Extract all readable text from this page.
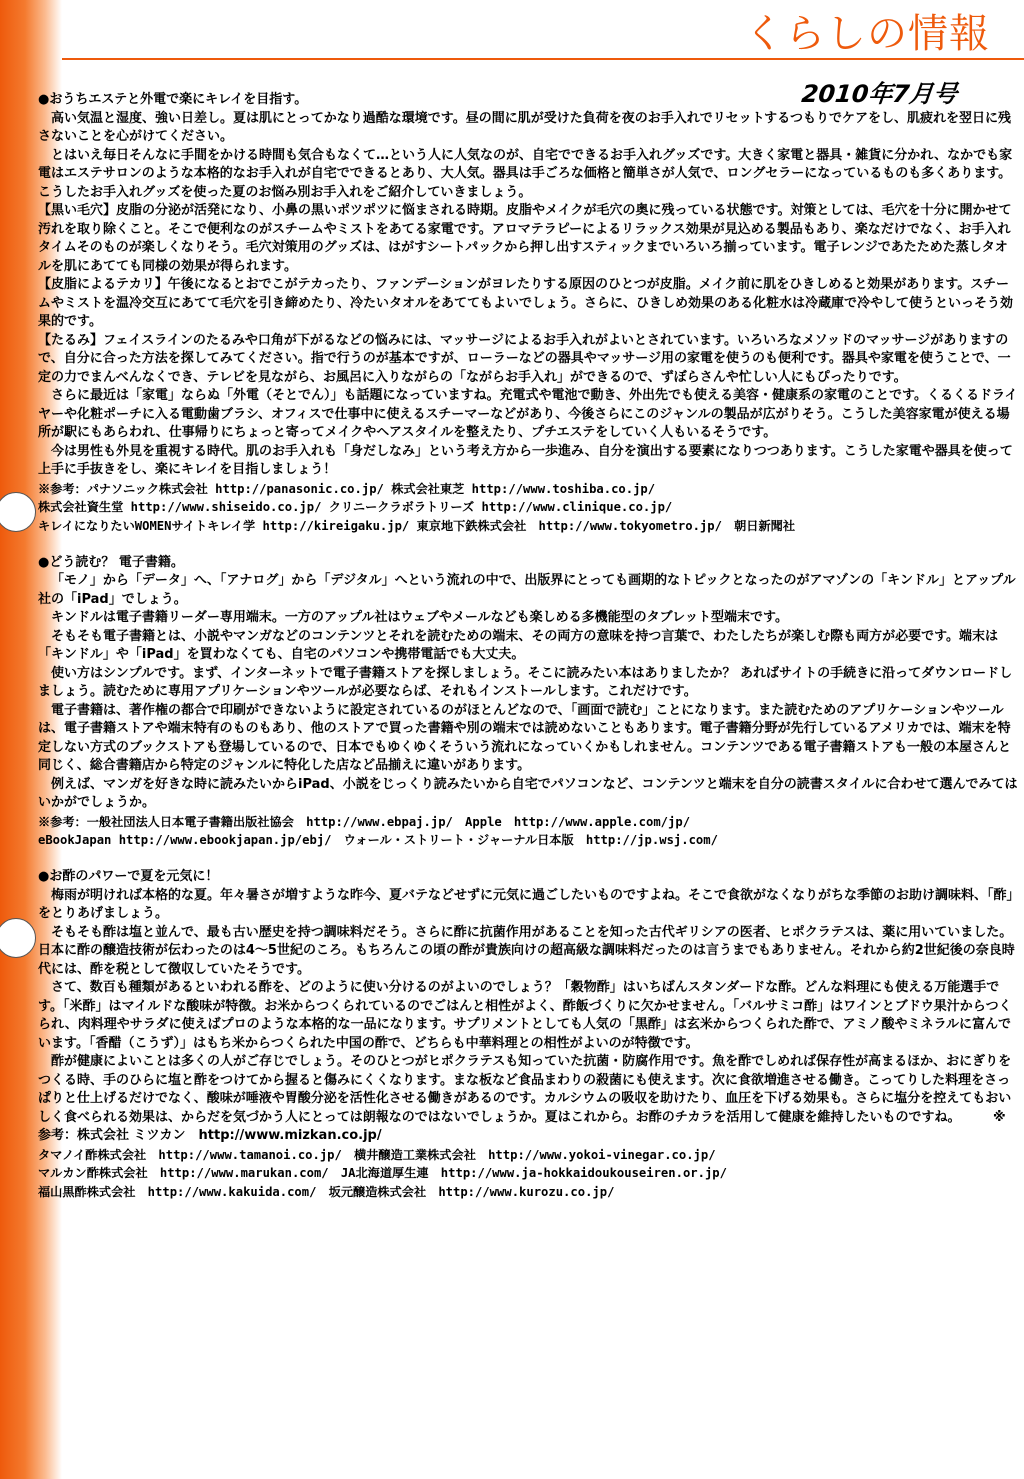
くらしの情報
2010年7月号

●おうちエステと外電で楽にキレイを目指す。

高い気温と湿度、強い日差し。夏は肌にとってかなり過酷な環境です。昼の間に肌が受けた負荷を夜のお手入れでリセットするつもりでケアをし、肌疲れを翌日に残さないことを心がけてください。

とはいえ毎日そんなに手間をかける時間も気合もなくて…という人に人気なのが、自宅でできるお手入れグッズです。大きく家電と器具・雑貨に分かれ、なかでも家電はエステサロンのような本格的なお手入れが自宅でできるとあり、大人気。器具は手ごろな価格と簡単さが人気で、ロングセラーになっているものも多くあります。こうしたお手入れグッズを使った夏のお悩み別お手入れをご紹介していきましょう。

【黒い毛穴】皮脂の分泌が活発になり、小鼻の黒いポツポツに悩まされる時期。皮脂やメイクが毛穴の奥に残っている状態です。対策としては、毛穴を十分に開かせて汚れを取り除くこと。そこで便利なのがスチームやミストをあてる家電です。アロマテラピーによるリラックス効果が見込める製品もあり、楽なだけでなく、お手入れタイムそのものが楽しくなりそう。毛穴対策用のグッズは、はがすシートパックから押し出すスティックまでいろいろ揃っています。電子レンジであたためた蒸しタオルを肌にあてても同様の効果が得られます。

【皮脂によるテカリ】午後になるとおでこがテカったり、ファンデーションがヨレたりする原因のひとつが皮脂。メイク前に肌をひきしめると効果があります。スチームやミストを温冷交互にあてて毛穴を引き締めたり、冷たいタオルをあててもよいでしょう。さらに、ひきしめ効果のある化粧水は冷蔵庫で冷やして使うといっそう効果的です。

【たるみ】フェイスラインのたるみや口角が下がるなどの悩みには、マッサージによるお手入れがよいとされています。いろいろなメソッドのマッサージがありますので、自分に合った方法を探してみてください。指で行うのが基本ですが、ローラーなどの器具やマッサージ用の家電を使うのも便利です。器具や家電を使うことで、一定の力でまんべんなくでき、テレビを見ながら、お風呂に入りながらの「ながらお手入れ」ができるので、ずぼらさんや忙しい人にもぴったりです。

さらに最近は「家電」ならぬ「外電（そとでん）」も話題になっていますね。充電式や電池で動き、外出先でも使える美容・健康系の家電のことです。くるくるドライヤーや化粧ポーチに入る電動歯ブラシ、オフィスで仕事中に使えるスチーマーなどがあり、今後さらにこのジャンルの製品が広がりそう。こうした美容家電が使える場所が駅にもあらわれ、仕事帰りにちょっと寄ってメイクやヘアスタイルを整えたり、プチエステをしていく人もいるそうです。

今は男性も外見を重視する時代。肌のお手入れも「身だしなみ」という考え方から一歩進み、自分を演出する要素になりつつあります。こうした家電や器具を使って上手に手抜きをし、楽にキレイを目指しましょう！

※参考：パナソニック株式会社 http://panasonic.co.jp/ 株式会社東芝 http://www.toshiba.co.jp/

株式会社資生堂 http://www.shiseido.co.jp/ クリニークラボラトリーズ http://www.clinique.co.jp/

キレイになりたいWOMENサイトキレイ学 http://kireigaku.jp/ 東京地下鉄株式会社　http://www.tokyometro.jp/　朝日新聞社

●どう読む？ 電子書籍。

「モノ」から「データ」へ、「アナログ」から「デジタル」へという流れの中で、出版界にとっても画期的なトピックとなったのがアマゾンの「キンドル」とアップル社の「iPad」でしょう。

キンドルは電子書籍リーダー専用端末。一方のアップル社はウェブやメールなども楽しめる多機能型のタブレット型端末です。

そもそも電子書籍とは、小説やマンガなどのコンテンツとそれを読むための端末、その両方の意味を持つ言葉で、わたしたちが楽しむ際も両方が必要です。端末は「キンドル」や「iPad」を買わなくても、自宅のパソコンや携帯電話でも大丈夫。

使い方はシンプルです。まず、インターネットで電子書籍ストアを探しましょう。そこに読みたい本はありましたか？ あればサイトの手続きに沿ってダウンロードしましょう。読むために専用アプリケーションやツールが必要ならば、それもインストールします。これだけです。

電子書籍は、著作権の都合で印刷ができないように設定されているのがほとんどなので、「画面で読む」ことになります。また読むためのアプリケーションやツールは、電子書籍ストアや端末特有のものもあり、他のストアで買った書籍や別の端末では読めないこともあります。電子書籍分野が先行しているアメリカでは、端末を特定しない方式のブックストアも登場しているので、日本でもゆくゆくそういう流れになっていくかもしれません。コンテンツである電子書籍ストアも一般の本屋さんと同じく、総合書籍店から特定のジャンルに特化した店など品揃えに違いがあります。

例えば、マンガを好きな時に読みたいからiPad、小説をじっくり読みたいから自宅でパソコンなど、コンテンツと端末を自分の読書スタイルに合わせて選んでみてはいかがでしょうか。

※参考：一般社団法人日本電子書籍出版社協会　http://www.ebpaj.jp/　Apple　http://www.apple.com/jp/

eBookJapan http://www.ebookjapan.jp/ebj/　ウォール・ストリート・ジャーナル日本版　http://jp.wsj.com/

●お酢のパワーで夏を元気に！

梅雨が明ければ本格的な夏。年々暑さが増すような昨今、夏バテなどせずに元気に過ごしたいものですよね。そこで食欲がなくなりがちな季節のお助け調味料、「酢」をとりあげましょう。

そもそも酢は塩と並んで、最も古い歴史を持つ調味料だそう。さらに酢に抗菌作用があることを知った古代ギリシアの医者、ヒポクラテスは、薬に用いていました。日本に酢の醸造技術が伝わったのは4～5世紀のころ。もちろんこの頃の酢が貴族向けの超高級な調味料だったのは言うまでもありません。それから約2世紀後の奈良時代には、酢を税として徴収していたそうです。

さて、数百も種類があるといわれる酢を、どのように使い分けるのがよいのでしょう？「穀物酢」はいちばんスタンダードな酢。どんな料理にも使える万能選手です。「米酢」はマイルドな酸味が特徴。お米からつくられているのでごはんと相性がよく、酢飯づくりに欠かせません。「バルサミコ酢」はワインとブドウ果汁からつくられ、肉料理やサラダに使えばプロのような本格的な一品になります。サプリメントとしても人気の「黒酢」は玄米からつくられた酢で、アミノ酸やミネラルに富んでいます。「香醋（こうず）」はもち米からつくられた中国の酢で、どちらも中華料理との相性がよいのが特徴です。

酢が健康によいことは多くの人がご存じでしょう。そのひとつがヒポクラテスも知っていた抗菌・防腐作用です。魚を酢でしめれば保存性が高まるほか、おにぎりをつくる時、手のひらに塩と酢をつけてから握ると傷みにくくなります。まな板など食品まわりの殺菌にも使えます。次に食欲増進させる働き。こってりした料理をさっぱりと仕上げるだけでなく、酸味が唾液や胃酸分泌を活性化させる働きがあるのです。カルシウムの吸収を助けたり、血圧を下げる効果も。さらに塩分を控えてもおいしく食べられる効果は、からだを気づかう人にとっては朗報なのではないでしょうか。夏はこれから。お酢のチカラを活用して健康を維持したいものですね。　　　※参考：株式会社 ミツカン　http://www.mizkan.co.jp/

タマノイ酢株式会社　http://www.tamanoi.co.jp/　横井醸造工業株式会社　http://www.yokoi-vinegar.co.jp/

マルカン酢株式会社　http://www.marukan.com/　JA北海道厚生連　http://www.ja-hokkaidoukouseiren.or.jp/

福山黒酢株式会社　http://www.kakuida.com/　坂元醸造株式会社　http://www.kurozu.co.jp/
